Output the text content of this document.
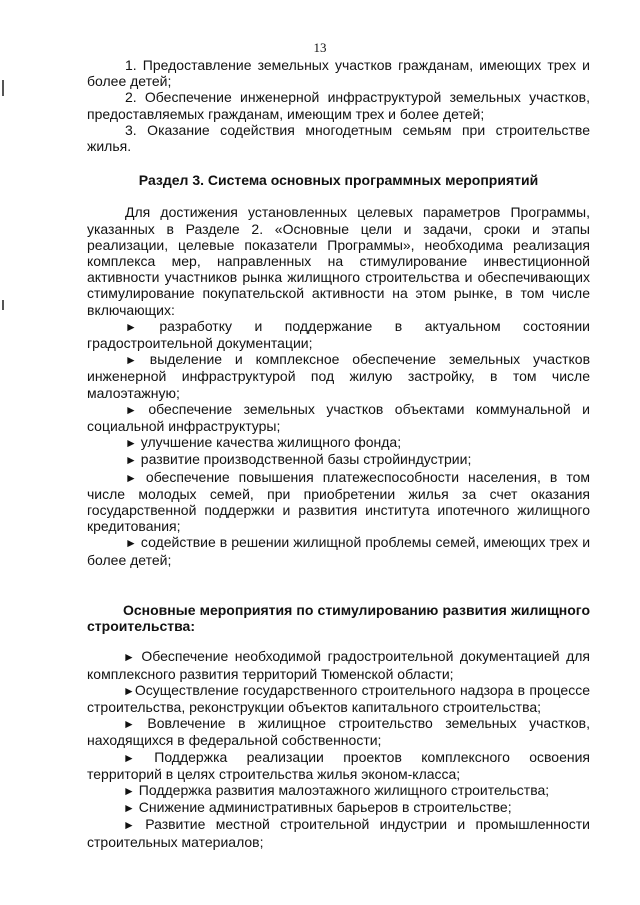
13

1. Предоставление земельных участков гражданам, имеющих трех и более детей;

2. Обеспечение инженерной инфраструктурой земельных участков, предоставляемых гражданам, имеющим трех и более детей;

3. Оказание содействия многодетным семьям при строительстве жилья.

Раздел 3. Система основных программных мероприятий

Для достижения установленных целевых параметров Программы, указанных в Разделе 2. «Основные цели и задачи, сроки и этапы реализации, целевые показатели Программы», необходима реализация комплекса мер, направленных на стимулирование инвестиционной активности участников рынка жилищного строительства и обеспечивающих стимулирование покупательской активности на этом рынке, в том числе включающих:

► разработку и поддержание в актуальном состоянии градостроительной документации;

► выделение и комплексное обеспечение земельных участков инженерной инфраструктурой под жилую застройку, в том числе малоэтажную;

► обеспечение земельных участков объектами коммунальной и социальной инфраструктуры;

► улучшение качества жилищного фонда;

► развитие производственной базы стройиндустрии;

► обеспечение повышения платежеспособности населения, в том числе молодых семей, при приобретении жилья за счет оказания государственной поддержки и развития института ипотечного жилищного кредитования;

► содействие в решении жилищной проблемы семей, имеющих трех и более детей;

Основные мероприятия по стимулированию развития жилищного строительства:

► Обеспечение необходимой градостроительной документацией для комплексного развития территорий Тюменской области;

►Осуществление государственного строительного надзора в процессе строительства, реконструкции объектов капитального строительства;

► Вовлечение в жилищное строительство земельных участков, находящихся в федеральной собственности;

► Поддержка реализации проектов комплексного освоения территорий в целях строительства жилья эконом-класса;

► Поддержка развития малоэтажного жилищного строительства;

► Снижение административных барьеров в строительстве;

► Развитие местной строительной индустрии и промышленности строительных материалов;
